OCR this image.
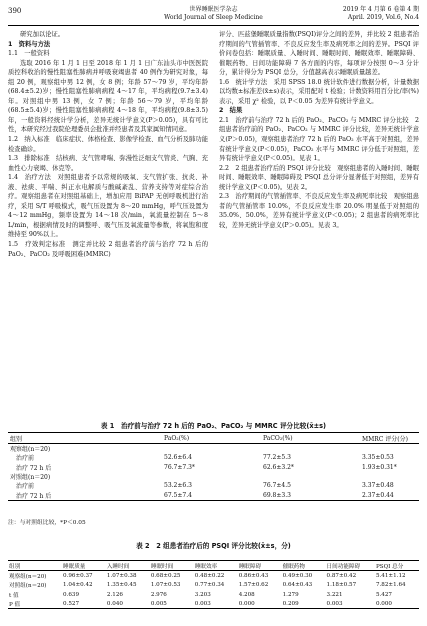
390	世界睡眠医学杂志
World Journal of Sleep Medicine
2019 年 4 月第 6 卷第 4 期
April. 2019, Vol.6, No.4

研究加以论证。

1　资料与方法

1.1　一般资料

选取 2016 年 1 月 1 日至 2018 年 1 月 1 日广东汕头市中医医院质控科收治的慢性阻塞性肺病并呼吸衰竭患者 40 例作为研究对象，每组 20 例，观察组中男 12 例，女 8 例；年龄 57～79 岁，平均年龄(68.4±5.2)岁；慢性阻塞性肺病病程 4～17 年，平均病程(9.7±3.4)年。对照组中男 13 例，女 7 例；年龄 56～79 岁，平均年龄(68.5±5.4)岁；慢性阻塞性肺病病程 4～18 年，平均病程(9.8±3.5)年，一般资料经统计学分析，差异无统计学意义(P＞0.05)，具有可比性，本研究经过我院伦理委员会批准并经患者及其家属知情同意。

1.2　纳入标准　临床症状、体格检查、影像学检查、血气分析及肺功能检查确诊。

1.3　排除标准　结核病、支气管哮喘、弥漫性泛细支气管炎、气胸、充血性心力衰竭、休克等。

1.4　治疗方法　对照组患者予以常规的吸氧、支气管扩张、抗炎、补液、祛痰、平喘、纠正水电解质与酸碱紊乱、营养支持等对症综合治疗。观察组患者在对照组基础上，增加应用 BiPAP 无创呼吸机进行治疗，采用 S/T 呼吸模式，吸气压设置为 8～20 mmHg，呼气压设置为 4～12 mmHg，频率设置为 14～18 次/min，氧流量控制在 5～8 L/min，根据病情及时的调整呼、吸气压及氧流量等参数，将氧饱和度维持至 90%以上。

1.5　疗效判定标准　测定并比较 2 组患者治疗前与治疗 72 h 后的 PaO₂、PaCO₂ 及呼吸困难(MMRC)

评分、匹兹堡睡眠质量指数(PSQI)评分之间的差异，并比较 2 组患者治疗期间的气管插管率、不良反应发生率及病死率之间的差异。PSQI 评价问卷包括：睡眠质量、入睡时间、睡眠时间、睡眠效率、睡眠障碍、催眠药物、日间功能障碍 7 各方面的内容，每项评分按照 0～3 分计分，累计得分为 PSQI 总分，分值越高表示睡眠质量越差。

1.6　统计学方法　采用 SPSS 18.0 统计软件进行数据分析，计量数据以均数±标准差(x̄±s)表示，采用配对 t 检验；计数资料用百分比/率(%)表示，采用 χ² 检验，以 P＜0.05 为差异有统计学意义。

2　结果

2.1　治疗前与治疗 72 h 后的 PaO₂、PaCO₂ 与 MMRC 评分比较　2 组患者治疗前的 PaO₂、PaCO₂ 与 MMRC 评分比较，差异无统计学意义(P＞0.05)，观察组患者治疗 72 h 后的 PaO₂ 水平高于对照组，差异有统计学意义(P＜0.05)，PaCO₂ 水平与 MMRC 评分低于对照组，差异有统计学意义(P＜0.05)。见表 1。

2.2　2 组患者治疗后的 PSQI 评分比较　观察组患者的入睡时间、睡眠时间、睡眠效率、睡眠障碍及 PSQI 总分评分显著低于对照组，差异有统计学意义(P＜0.05)。见表 2。

2.3　治疗期间的气管插管率、不良反应发生率及病死率比较　观察组患者的气管插管率 10.0%，不良反应发生率 20.0% 明显低于对照组的 35.0%、50.0%，差异有统计学意义(P＜0.05)；2 组患者的病死率比较，差异无统计学意义(P＞0.05)。见表 3。

表 1　治疗前与治疗 72 h 后的 PaO₂、PaCO₂ 与 MMRC 评分比较(x̄±s)
组别	PaO₂(%)	PaCO₂(%)	MMRC 评分(分)
观察组(n＝20)			
　治疗前	52.6±6.4	77.2±5.3	3.35±0.53
　治疗 72 h 后	76.7±7.3*	62.6±3.2*	1.93±0.31*
对照组(n＝20)			
　治疗前	53.2±6.3	76.7±4.5	3.37±0.48
　治疗 72 h 后	67.5±7.4	69.8±3.3	2.37±0.44
注：与对照组比较，*P＜0.05
表 2　2 组患者治疗后的 PSQI 评分比较(x̄±s，分)
组别	睡眠质量	入睡时间	睡眠时间	睡眠效率	睡眠障碍	催眠药物	日间功能障碍	PSQI 总分
观察组(n＝20)	0.96±0.37	1.07±0.38	0.68±0.25	0.48±0.22	0.86±0.43	0.49±0.30	0.87±0.42	5.41±1.12
对照组(n＝20)	1.04±0.42	1.35±0.45	1.07±0.53	0.77±0.34	1.57±0.62	0.64±0.43	1.18±0.57	7.82±1.64
t 值	0.639	2.126	2.976	3.203	4.208	1.279	3.221	5.427
P 值	0.527	0.040	0.005	0.003	0.000	0.209	0.003	0.000
